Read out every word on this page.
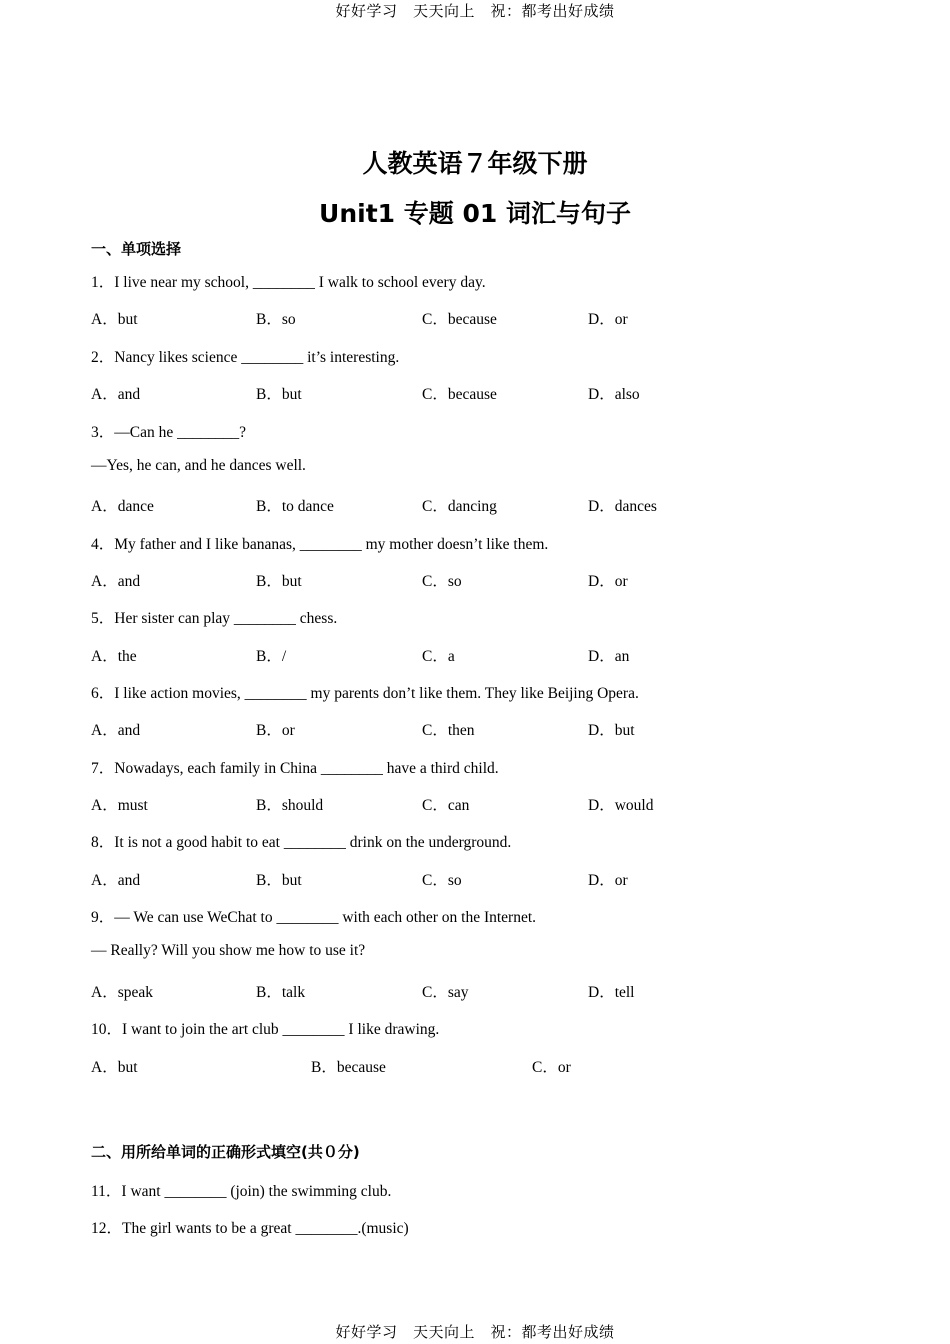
好好学习　天天向上　祝：都考出好成绩
人教英语７年级下册
Unit1 专题 01 词汇与句子
一、单项选择
1．I live near my school, ________ I walk to school every day.
A．but	B．so	C．because	D．or
2．Nancy likes science ________ it’s interesting.
A．and	B．but	C．because	D．also
3．—Can he ________?
—Yes, he can, and he dances well.
A．dance	B．to dance	C．dancing	D．dances
4．My father and I like bananas, ________ my mother doesn’t like them.
A．and	B．but	C．so	D．or
5．Her sister can play ________ chess.
A．the	B．/	C．a	D．an
6．I like action movies, ________ my parents don’t like them. They like Beijing Opera.
A．and	B．or	C．then	D．but
7．Nowadays, each family in China ________ have a third child.
A．must	B．should	C．can	D．would
8．It is not a good habit to eat ________ drink on the underground.
A．and	B．but	C．so	D．or
9．— We can use WeChat to ________ with each other on the Internet.
— Really? Will you show me how to use it?
A．speak	B．talk	C．say	D．tell
10．I want to join the art club ________ I like drawing.
A．but	B．because	C．or
二、用所给单词的正确形式填空(共０分)
11．I want ________ (join) the swimming club.
12．The girl wants to be a great ________.(music)
好好学习　天天向上　祝：都考出好成绩
